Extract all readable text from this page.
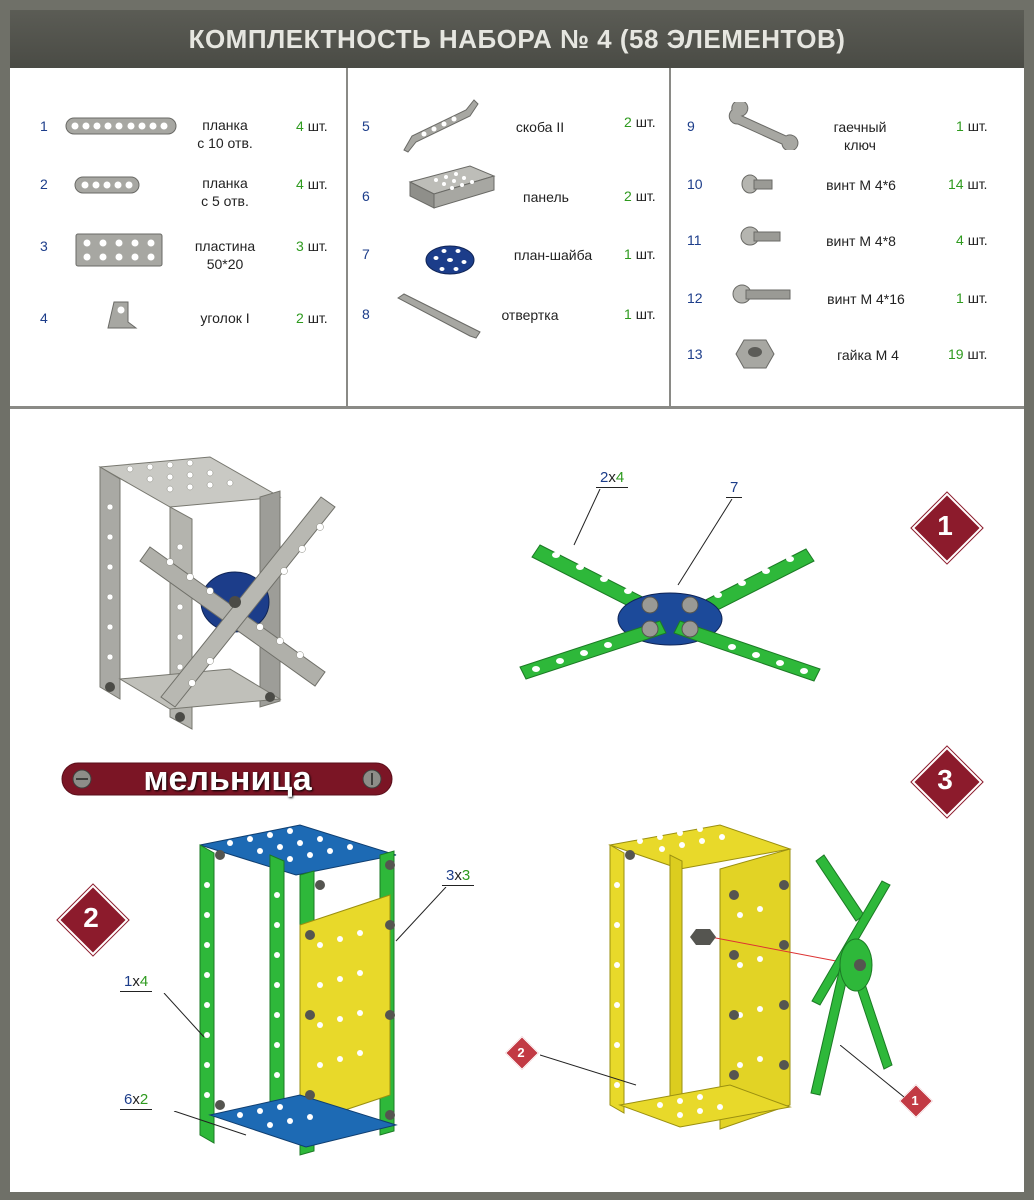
КОМПЛЕКТНОСТЬ НАБОРА № 4 (58 ЭЛЕМЕНТОВ)
1	планка
с 10 отв.
4 шт.
2	планка
с 5 отв.
4 шт.
3	пластина
50*20
3 шт.
4	уголок I	2 шт.
5	скоба II	2 шт.
6	панель	2 шт.
7	план-шайба	1 шт.
8	отвертка	1 шт.
9	гаечный
ключ
1 шт.
10	винт М 4*6	14 шт.
11	винт М 4*8	4 шт.
12	винт М 4*16	1 шт.
13	гайка М 4	19 шт.
мельница
2x4
7
1
3
2
3x3
1x4
6x2
2
1
